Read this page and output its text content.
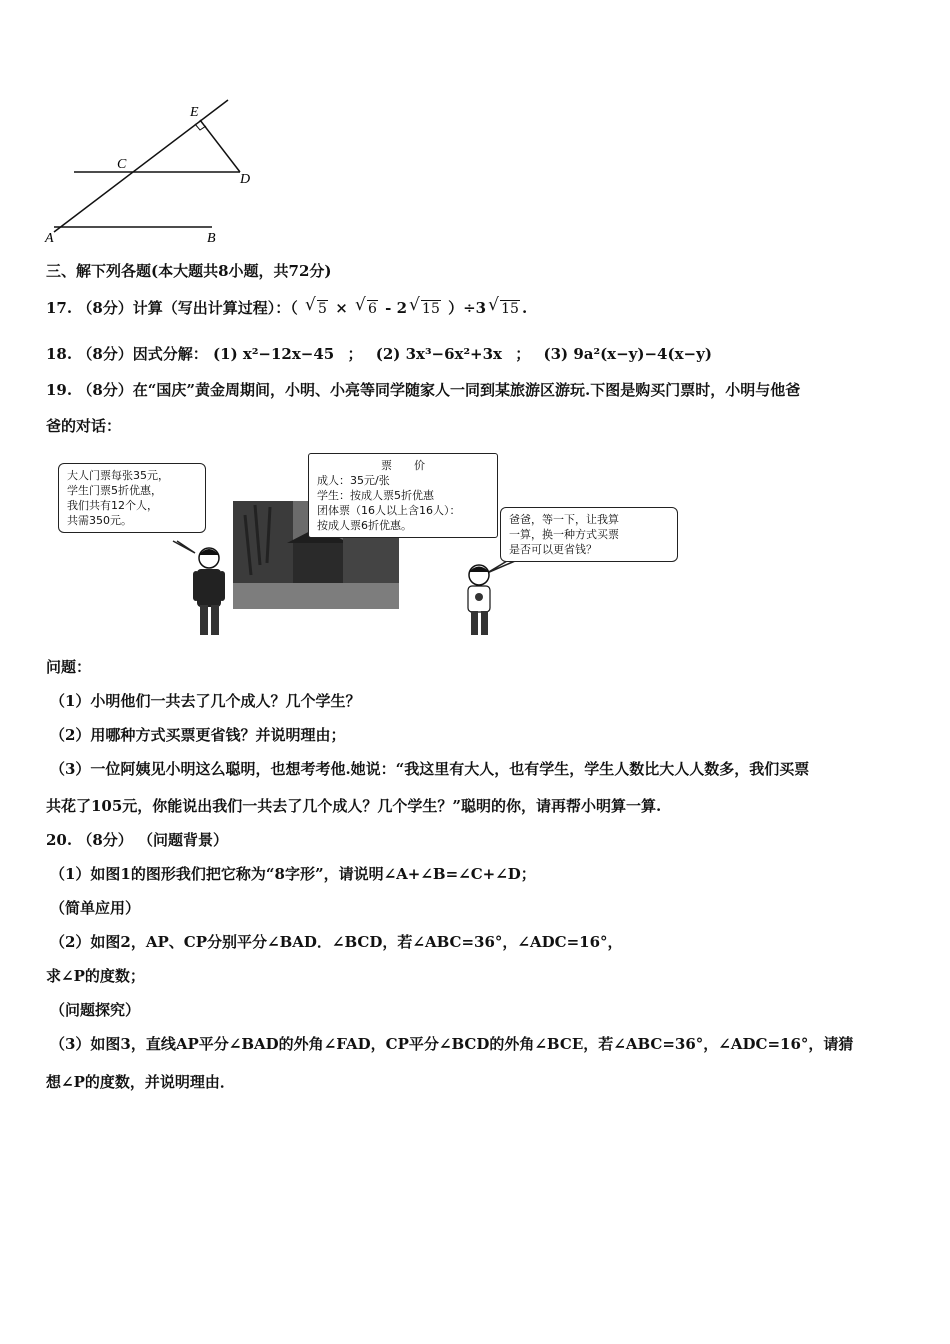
E
C
D
A	B
三、解下列各题(本大题共8小题，共72分)
17. （8分）计算（写出计算过程）：（ √ 5 × √ 6 - 2 √ 15 ）÷3 √ 15 .
18. （8分）因式分解： (1) x²−12x−45 ； (2) 3x³−6x²+3x ； (3) 9a²(x−y)−4(x−y)
19. （8分）在“国庆”黄金周期间，小明、小亮等同学随家人一同到某旅游区游玩.下图是购买门票时，小明与他爸
爸的对话：
大人门票每张35元，
学生门票5折优惠，
我们共有12个人，
共需350元。
票　　价
成人：35元/张
学生：按成人票5折优惠
团体票（16人以上含16人）：
按成人票6折优惠。	爸爸，等一下，让我算
一算，换一种方式买票
是否可以更省钱？
问题：
（1）小明他们一共去了几个成人？几个学生？
（2）用哪种方式买票更省钱？并说明理由；
（3）一位阿姨见小明这么聪明，也想考考他.她说：“我这里有大人，也有学生，学生人数比大人人数多，我们买票
共花了105元，你能说出我们一共去了几个成人？几个学生？”聪明的你，请再帮小明算一算.
20. （8分） （问题背景）
（1）如图1的图形我们把它称为“8字形”，请说明∠A+∠B=∠C+∠D；
（简单应用）
（2）如图2，AP、CP分别平分∠BAD．∠BCD，若∠ABC=36°，∠ADC=16°，
求∠P的度数；
（问题探究）
（3）如图3，直线AP平分∠BAD的外角∠FAD，CP平分∠BCD的外角∠BCE，若∠ABC=36°，∠ADC=16°，请猜
想∠P的度数，并说明理由．
